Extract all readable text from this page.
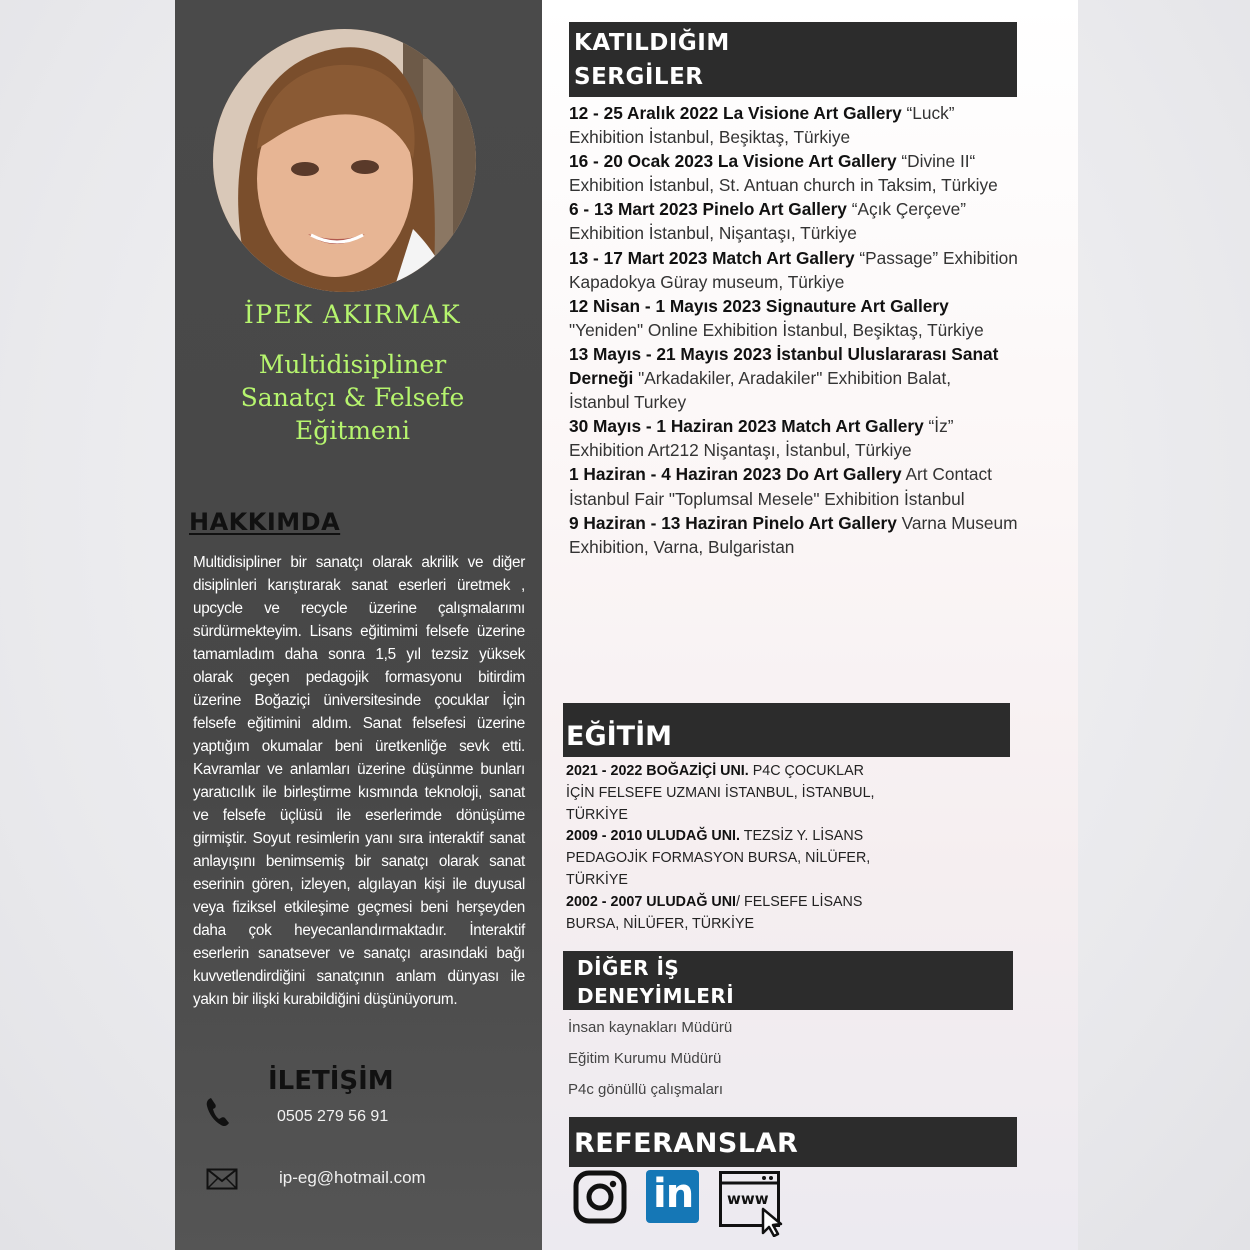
İPEK AKIRMAK
Multidisipliner
Sanatçı & Felsefe
Eğitmeni
HAKKIMDA
Multidisipliner bir sanatçı olarak akrilik ve diğer disiplinleri karıştırarak sanat eserleri üretmek , upcycle ve recycle üzerine çalışmalarımı sürdürmekteyim. Lisans eğitimimi felsefe üzerine tamamladım daha sonra 1,5 yıl tezsiz yüksek olarak geçen pedagojik formasyonu bitirdim üzerine Boğaziçi üniversitesinde çocuklar İçin felsefe eğitimini aldım. Sanat felsefesi üzerine yaptığım okumalar beni üretkenliğe sevk etti. Kavramlar ve anlamları üzerine düşünme bunları yaratıcılık ile birleştirme kısmında teknoloji, sanat ve felsefe üçlüsü ile eserlerimde dönüşüme girmiştir. Soyut resimlerin yanı sıra interaktif sanat anlayışını benimsemiş bir sanatçı olarak sanat eserinin gören, izleyen, algılayan kişi ile duyusal veya fiziksel etkileşime geçmesi beni herşeyden daha çok heyecanlandırmaktadır. İnteraktif eserlerin sanatsever ve sanatçı arasındaki bağı kuvvetlendirdiğini sanatçının anlam dünyası ile yakın bir ilişki kurabildiğini düşünüyorum.
İLETİŞİM
0505 279 56 91
ip-eg@hotmail.com
KATILDIĞIM
SERGİLER
12 - 25 Aralık 2022 La Visione Art Gallery “Luck”
Exhibition İstanbul, Beşiktaş, Türkiye
16 - 20 Ocak 2023 La Visione Art Gallery “Divine II“
Exhibition İstanbul, St. Antuan church in Taksim, Türkiye
6 - 13 Mart 2023 Pinelo Art Gallery “Açık Çerçeve”
Exhibition İstanbul, Nişantaşı, Türkiye
13 - 17 Mart 2023 Match Art Gallery “Passage” Exhibition
Kapadokya Güray museum, Türkiye
12 Nisan - 1 Mayıs 2023 Signauture Art Gallery
"Yeniden" Online Exhibition İstanbul, Beşiktaş, Türkiye
13 Mayıs - 21 Mayıs 2023 İstanbul Uluslararası Sanat
Derneği "Arkadakiler, Aradakiler" Exhibition Balat,
İstanbul Turkey
30 Mayıs - 1 Haziran 2023 Match Art Gallery “İz”
Exhibition Art212 Nişantaşı, İstanbul, Türkiye
1 Haziran - 4 Haziran 2023 Do Art Gallery Art Contact
İstanbul Fair "Toplumsal Mesele" Exhibition İstanbul
9 Haziran - 13 Haziran Pinelo Art Gallery Varna Museum
Exhibition, Varna, Bulgaristan
EĞİTİM
2021 - 2022 BOĞAZİÇİ UNI. P4C ÇOCUKLAR
İÇİN FELSEFE UZMANI İSTANBUL, İSTANBUL,
TÜRKİYE
2009 - 2010 ULUDAĞ UNI. TEZSİZ Y. LİSANS
PEDAGOJİK FORMASYON BURSA, NİLÜFER,
TÜRKİYE
2002 - 2007 ULUDAĞ UNI/ FELSEFE LİSANS
BURSA, NİLÜFER, TÜRKİYE
DİĞER İŞ
DENEYİMLERİ
İnsan kaynakları Müdürü
Eğitim Kurumu Müdürü
P4c gönüllü çalışmaları
REFERANSLAR
in www
